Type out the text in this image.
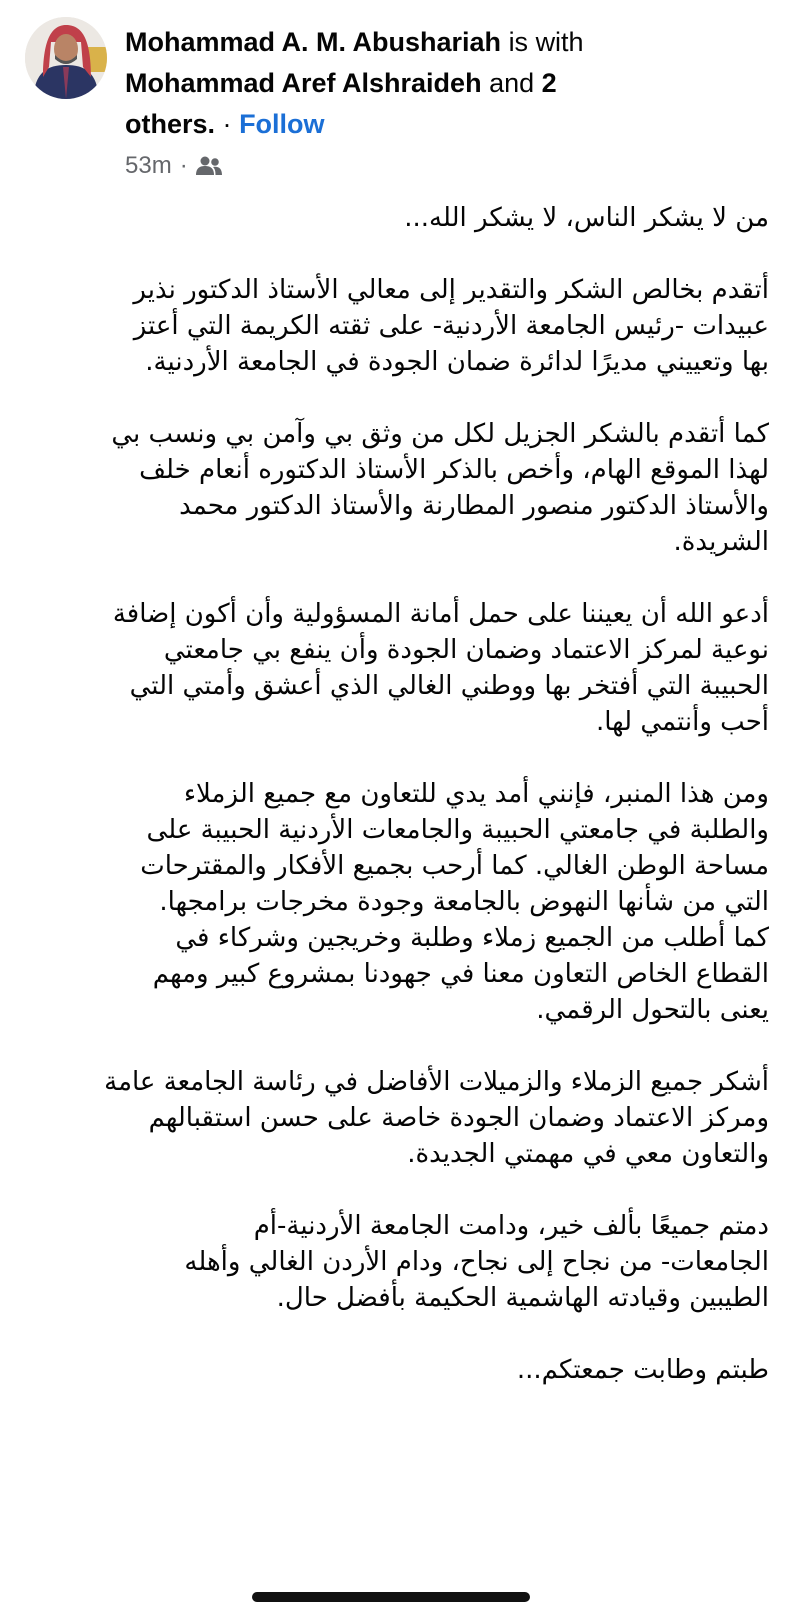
Mohammad A. M. Abushariah is with
Mohammad Aref Alshraideh and 2
others. · Follow
53m ·
من لا يشكر الناس، لا يشكر الله...
أتقدم بخالص الشكر والتقدير إلى معالي الأستاذ الدكتور نذير
عبيدات -رئيس الجامعة الأردنية- على ثقته الكريمة التي أعتز
بها وتعييني مديرًا لدائرة ضمان الجودة في الجامعة الأردنية.
كما أتقدم بالشكر الجزيل لكل من وثق بي وآمن بي ونسب بي
لهذا الموقع الهام، وأخص بالذكر الأستاذ الدكتوره أنعام خلف
والأستاذ الدكتور منصور المطارنة والأستاذ الدكتور محمد
الشريدة.
أدعو الله أن يعيننا على حمل أمانة المسؤولية وأن أكون إضافة
نوعية لمركز الاعتماد وضمان الجودة وأن ينفع بي جامعتي
الحبيبة التي أفتخر بها ووطني الغالي الذي أعشق وأمتي التي
أحب وأنتمي لها.
ومن هذا المنبر، فإنني أمد يدي للتعاون مع جميع الزملاء
والطلبة في جامعتي الحبيبة والجامعات الأردنية الحبيبة على
مساحة الوطن الغالي. كما أرحب بجميع الأفكار والمقترحات
التي من شأنها النهوض بالجامعة وجودة مخرجات برامجها.
كما أطلب من الجميع زملاء وطلبة وخريجين وشركاء في
القطاع الخاص التعاون معنا في جهودنا بمشروع كبير ومهم
يعنى بالتحول الرقمي.
أشكر جميع الزملاء والزميلات الأفاضل في رئاسة الجامعة عامة
ومركز الاعتماد وضمان الجودة خاصة على حسن استقبالهم
والتعاون معي في مهمتي الجديدة.
دمتم جميعًا بألف خير، ودامت الجامعة الأردنية-أم
الجامعات- من نجاح إلى نجاح، ودام الأردن الغالي وأهله
الطيبين وقيادته الهاشمية الحكيمة بأفضل حال.
طبتم وطابت جمعتكم...
